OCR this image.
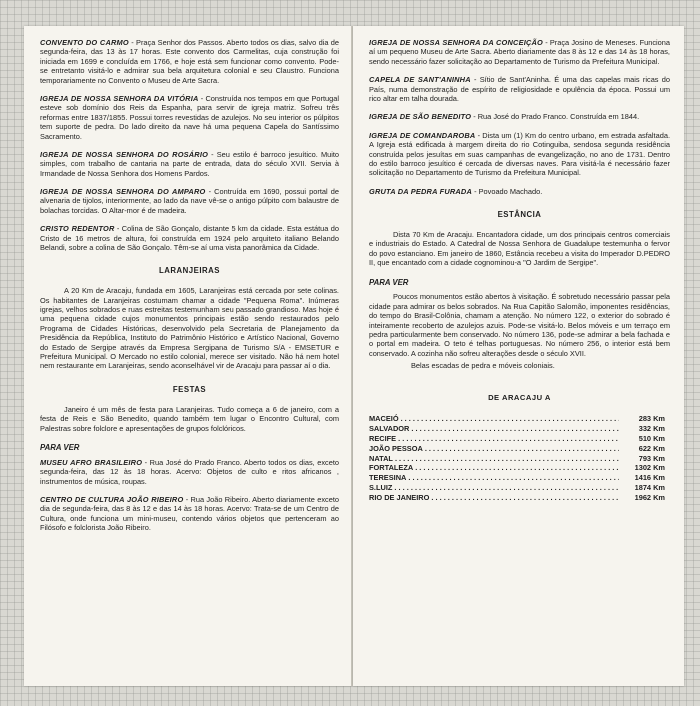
CONVENTO DO CARMO - Praça Senhor dos Passos. Aberto todos os dias, salvo dia de segunda-feira, das 13 às 17 horas. Este convento dos Carmelitas, cuja construção foi iniciada em 1699 e concluída em 1766, e hoje está sem funcionar como convento. Pode-se entretanto visitá-lo e admirar sua bela arquitetura colonial e seu Claustro. Funciona temporariamente no Convento o Museu de Arte Sacra.

IGREJA DE NOSSA SENHORA DA VITÓRIA - Construída nos tempos em que Portugal esteve sob domínio dos Reis da Espanha, para servir de igreja matriz. Sofreu três reformas entre 1837/1855. Possui torres revestidas de azulejos. No seu interior os púlpitos tem suporte de pedra. Do lado direito da nave há uma pequena Capela do Santíssimo Sacramento.

IGREJA DE NOSSA SENHORA DO ROSÁRIO - Seu estilo é barroco jesuítico. Muito simples, com trabalho de cantaria na parte de entrada, data do século XVII. Servia à Irmandade de Nossa Senhora dos Homens Pardos.

IGREJA DE NOSSA SENHORA DO AMPARO - Contruída em 1690, possui portal de alvenaria de tijolos, interiormente, ao lado da nave vê-se o antigo púlpito com balaustre de bolachas torcidas. O Altar-mor é de madeira.

CRISTO REDENTOR - Colina de São Gonçalo, distante 5 km da cidade. Esta estátua do Cristo de 16 metros de altura, foi construída em 1924 pelo arquiteto italiano Belando Belandi, sobre a colina de São Gonçalo. Têm-se aí uma vista panorâmica da Cidade.

LARANJEIRAS

A 20 Km de Aracaju, fundada em 1605, Laranjeiras está cercada por sete colinas. Os habitantes de Laranjeiras costumam chamar a cidade "Pequena Roma". Inúmeras igrejas, velhos sobrados e ruas estreitas testemunham seu passado grandioso. Mas hoje é uma pequena cidade cujos monumentos principais estão sendo restaurados pelo Programa de Cidades Históricas, desenvolvido pela Secretaria de Planejamento da Presidência da República, Instituto do Patrimônio Histórico e Artístico Nacional, Governo do Estado de Sergipe através da Empresa Sergipana de Turismo S/A - EMSETUR e Prefeitura Municipal. O Mercado no estilo colonial, merece ser visitado. Não há nem hotel nem restaurante em Laranjeiras, sendo aconselhável vir de Aracaju para passar aí o dia.

FESTAS

Janeiro é um mês de festa para Laranjeiras. Tudo começa a 6 de janeiro, com a festa de Reis e São Benedito, quando também tem lugar o Encontro Cultural, com Palestras sobre folclore e apresentações de grupos folclóricos.

PARA VER

MUSEU AFRO BRASILEIRO - Rua José do Prado Franco. Aberto todos os dias, exceto segunda-feira, das 12 às 18 horas. Acervo: Objetos de culto e ritos africanos , instrumentos de música, roupas.

CENTRO DE CULTURA JOÃO RIBEIRO - Rua João Ribeiro. Aberto diariamente exceto dia de segunda-feira, das 8 às 12 e das 14 às 18 horas. Acervo: Trata-se de um Centro de Cultura, onde funciona um mini-museu, contendo vários objetos que pertenceram ao Filósofo e folclorista João Ribeiro.

IGREJA DE NOSSA SENHORA DA CONCEIÇÃO - Praça Josino de Meneses. Funciona aí um pequeno Museu de Arte Sacra. Aberto diariamente das 8 às 12 e das 14 às 18 horas, sendo necessário fazer solicitação ao Departamento de Turismo da Prefeitura Municipal.

CAPELA DE SANT'ANINHA - Sítio de Sant'Aninha. É uma das capelas mais ricas do País, numa demonstração de espírito de religiosidade e opulência da época. Possui um rico altar em talha dourada.

IGREJA DE SÃO BENEDITO - Rua José do Prado Franco. Construída em 1844.

IGREJA DE COMANDAROBA - Dista um (1) Km do centro urbano, em estrada asfaltada. A Igreja está edificada à margem direita do rio Cotinguiba, sendosa segunda residência construída pelos jesuítas em suas campanhas de evangelização, no ano de 1731. Dentro do estilo barroco jesuítico é cercada de diversas naves. Para visitá-la é necessário fazer solicitação no Departamento de Turismo da Prefeitura Municipal.

GRUTA DA PEDRA FURADA - Povoado Machado.

ESTÂNCIA

Dista 70 Km de Aracaju. Encantadora cidade, um dos principais centros comerciais e industriais do Estado. A Catedral de Nossa Senhora de Guadalupe testemunha o fervor do povo estanciano. Em janeiro de 1860, Estância recebeu a visita do Imperador D.PEDRO II, que encantado com a cidade cognominou-a "O Jardim de Sergipe".

PARA VER

Poucos monumentos estão abertos à visitação. É sobretudo necessário passar pela cidade para admirar os belos sobrados. Na Rua Capitão Salomão, imponentes residências, do tempo do Brasil-Colônia, chamam a atenção. No número 122, o exterior do sobrado é inteiramente recoberto de azulejos azuis. Pode-se visitá-lo. Belos móveis e um terraço em pedra particularmente bem conservado. No número 136, pode-se admirar a bela fachada e o portal em madeira. O teto é telhas portuguesas. No número 256, o interior está bem conservado. A cozinha não sofreu alterações desde o século XVII.

Belas escadas de pedra e móveis coloniais.

DE ARACAJU A
MACEIÓ . . .	283 Km
SALVADOR . . .	332 Km
RECIFE . . .	510 Km
JOÃO PESSOA . . .	622 Km
NATAL . . .	793 Km
FORTALEZA . . .	1302 Km
TERESINA . . .	1416 Km
S.LUIZ . . .	1874 Km
RIO DE JANEIRO . . .	1962 Km
